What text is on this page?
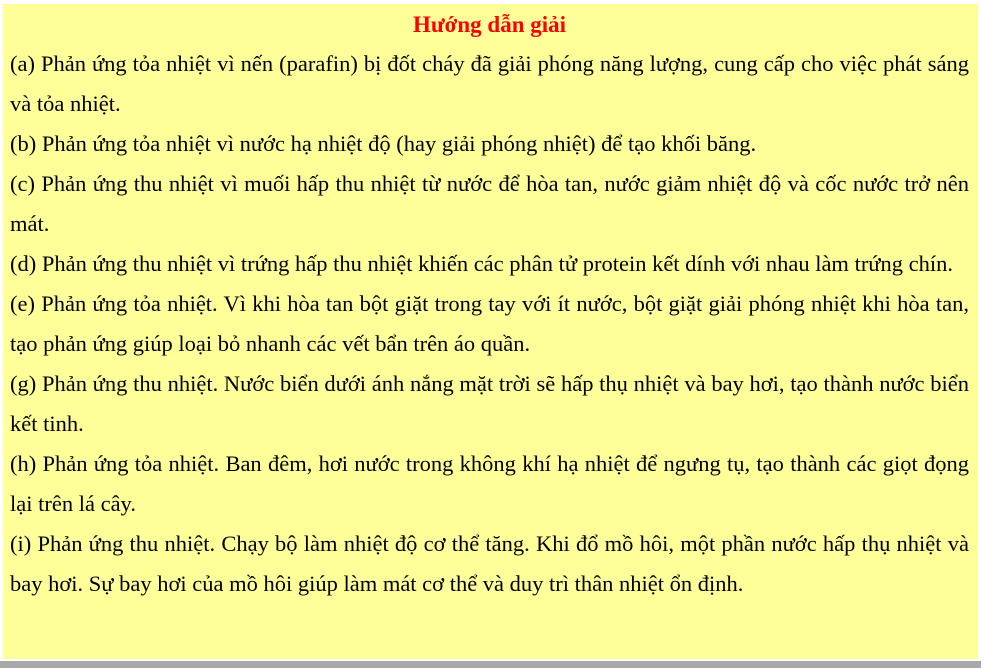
Hướng dẫn giải

(a) Phản ứng tỏa nhiệt vì nến (parafin) bị đốt cháy đã giải phóng năng lượng, cung cấp cho việc phát sáng và tỏa nhiệt.

(b) Phản ứng tỏa nhiệt vì nước hạ nhiệt độ (hay giải phóng nhiệt) để tạo khối băng.

(c) Phản ứng thu nhiệt vì muối hấp thu nhiệt từ nước để hòa tan, nước giảm nhiệt độ và cốc nước trở nên mát.

(d) Phản ứng thu nhiệt vì trứng hấp thu nhiệt khiến các phân tử protein kết dính với nhau làm trứng chín.

(e) Phản ứng tỏa nhiệt. Vì khi hòa tan bột giặt trong tay với ít nước, bột giặt giải phóng nhiệt khi hòa tan, tạo phản ứng giúp loại bỏ nhanh các vết bẩn trên áo quần.

(g) Phản ứng thu nhiệt. Nước biển dưới ánh nắng mặt trời sẽ hấp thụ nhiệt và bay hơi, tạo thành nước biển kết tinh.

(h) Phản ứng tỏa nhiệt. Ban đêm, hơi nước trong không khí hạ nhiệt để ngưng tụ, tạo thành các giọt đọng lại trên lá cây.

(i) Phản ứng thu nhiệt. Chạy bộ làm nhiệt độ cơ thể tăng. Khi đổ mồ hôi, một phần nước hấp thụ nhiệt và bay hơi. Sự bay hơi của mồ hôi giúp làm mát cơ thể và duy trì thân nhiệt ổn định.
